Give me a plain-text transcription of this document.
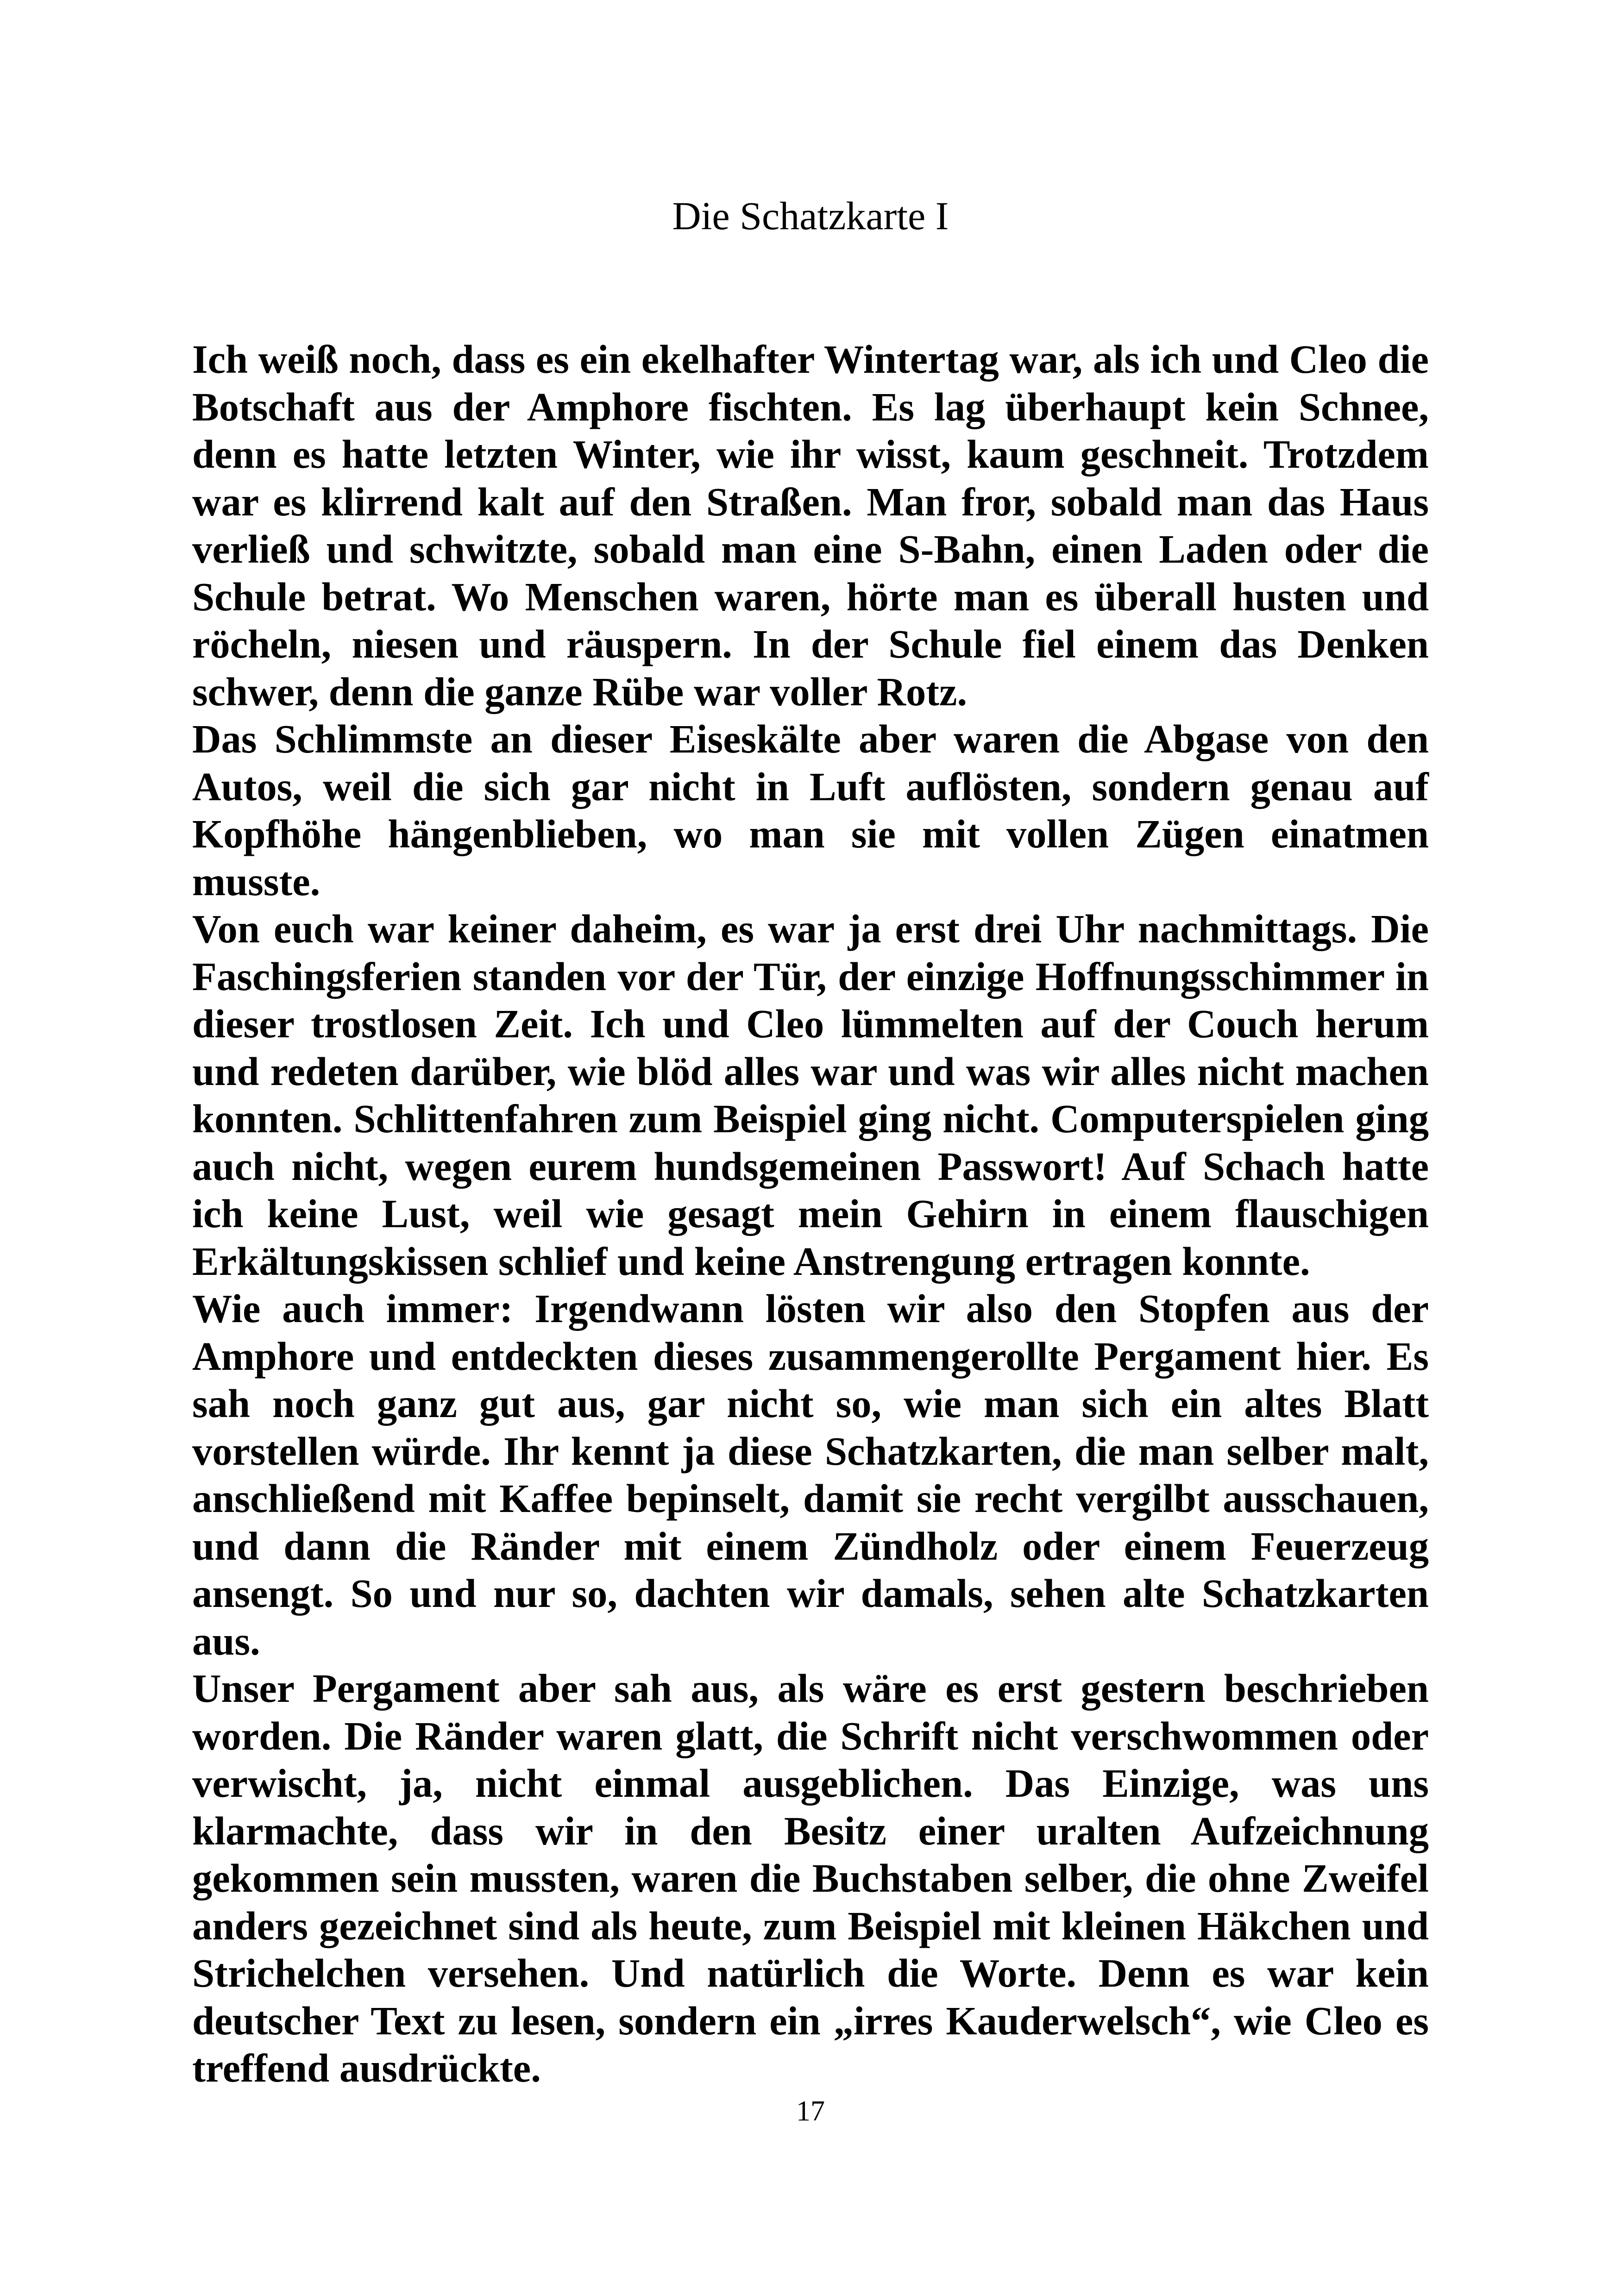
Die Schatzkarte I

Ich weiß noch, dass es ein ekelhafter Wintertag war, als ich und Cleo die Botschaft aus der Amphore fischten. Es lag überhaupt kein Schnee, denn es hatte letzten Winter, wie ihr wisst, kaum geschneit. Trotzdem war es klirrend kalt auf den Straßen. Man fror, sobald man das Haus verließ und schwitzte, sobald man eine S-Bahn, einen Laden oder die Schule betrat. Wo Menschen waren, hörte man es überall husten und röcheln, niesen und räuspern. In der Schule fiel einem das Denken schwer, denn die ganze Rübe war voller Rotz.

Das Schlimmste an dieser Eiseskälte aber waren die Abgase von den Autos, weil die sich gar nicht in Luft auflösten, sondern genau auf Kopfhöhe hängenblieben, wo man sie mit vollen Zügen einatmen musste.

Von euch war keiner daheim, es war ja erst drei Uhr nachmittags. Die Faschingsferien standen vor der Tür, der einzige Hoffnungsschimmer in dieser trostlosen Zeit. Ich und Cleo lümmelten auf der Couch herum und redeten darüber, wie blöd alles war und was wir alles nicht machen konnten. Schlittenfahren zum Beispiel ging nicht. Computerspielen ging auch nicht, wegen eurem hundsgemeinen Passwort! Auf Schach hatte ich keine Lust, weil wie gesagt mein Gehirn in einem flauschigen Erkältungskissen schlief und keine Anstrengung ertragen konnte.

Wie auch immer: Irgendwann lösten wir also den Stopfen aus der Amphore und entdeckten dieses zusammengerollte Pergament hier. Es sah noch ganz gut aus, gar nicht so, wie man sich ein altes Blatt vorstellen würde. Ihr kennt ja diese Schatzkarten, die man selber malt, anschließend mit Kaffee bepinselt, damit sie recht vergilbt ausschauen, und dann die Ränder mit einem Zündholz oder einem Feuerzeug ansengt. So und nur so, dachten wir damals, sehen alte Schatzkarten aus.

Unser Pergament aber sah aus, als wäre es erst gestern beschrieben worden. Die Ränder waren glatt, die Schrift nicht verschwommen oder verwischt, ja, nicht einmal ausgeblichen. Das Einzige, was uns klarmachte, dass wir in den Besitz einer uralten Aufzeichnung gekommen sein mussten, waren die Buchstaben selber, die ohne Zweifel anders gezeichnet sind als heute, zum Beispiel mit kleinen Häkchen und Strichelchen versehen. Und natürlich die Worte. Denn es war kein deutscher Text zu lesen, sondern ein „irres Kauderwelsch“, wie Cleo es treffend ausdrückte.

17
